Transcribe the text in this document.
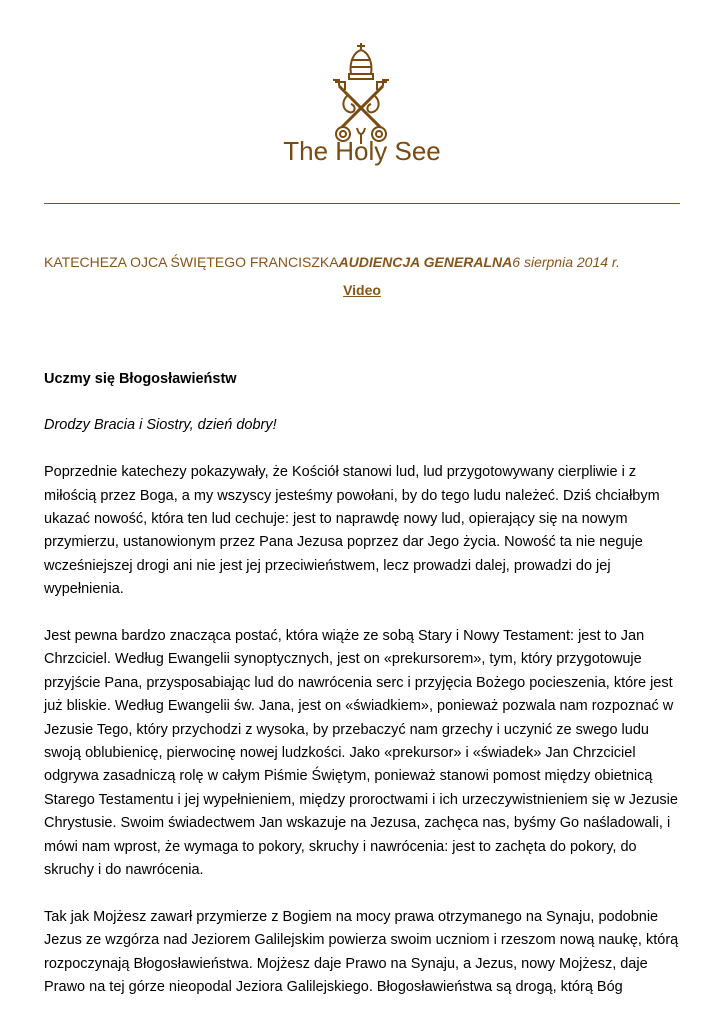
The Holy See
KATECHEZA OJCA ŚWIĘTEGO FRANCISZKAAUDIENCJA GENERALNA6 sierpnia 2014 r.
Video
Uczmy się Błogosławieństw

Drodzy Bracia i Siostry, dzień dobry!

Poprzednie katechezy pokazywały, że Kościół stanowi lud, lud przygotowywany cierpliwie i z miłością przez Boga, a my wszyscy jesteśmy powołani, by do tego ludu należeć. Dziś chciałbym ukazać nowość, która ten lud cechuje: jest to naprawdę nowy lud, opierający się na nowym przymierzu, ustanowionym przez Pana Jezusa poprzez dar Jego życia. Nowość ta nie neguje wcześniejszej drogi ani nie jest jej przeciwieństwem, lecz prowadzi dalej, prowadzi do jej wypełnienia.

Jest pewna bardzo znacząca postać, która wiąże ze sobą Stary i Nowy Testament: jest to Jan Chrzciciel. Według Ewangelii synoptycznych, jest on «prekursorem», tym, który przygotowuje przyjście Pana, przysposabiając lud do nawrócenia serc i przyjęcia Bożego pocieszenia, które jest już bliskie. Według Ewangelii św. Jana, jest on «świadkiem», ponieważ pozwala nam rozpoznać w Jezusie Tego, który przychodzi z wysoka, by przebaczyć nam grzechy i uczynić ze swego ludu swoją oblubienicę, pierwocinę nowej ludzkości. Jako «prekursor» i «świadek» Jan Chrzciciel odgrywa zasadniczą rolę w całym Piśmie Świętym, ponieważ stanowi pomost między obietnicą Starego Testamentu i jej wypełnieniem, między proroctwami i ich urzeczywistnieniem się w Jezusie Chrystusie. Swoim świadectwem Jan wskazuje na Jezusa, zachęca nas, byśmy Go naśladowali, i mówi nam wprost, że wymaga to pokory, skruchy i nawrócenia: jest to zachęta do pokory, do skruchy i do nawrócenia.

Tak jak Mojżesz zawarł przymierze z Bogiem na mocy prawa otrzymanego na Synaju, podobnie Jezus ze wzgórza nad Jeziorem Galilejskim powierza swoim uczniom i rzeszom nową naukę, którą rozpoczynają Błogosławieństwa. Mojżesz daje Prawo na Synaju, a Jezus, nowy Mojżesz, daje Prawo na tej górze nieopodal Jeziora Galilejskiego. Błogosławieństwa są drogą, którą Bóg
